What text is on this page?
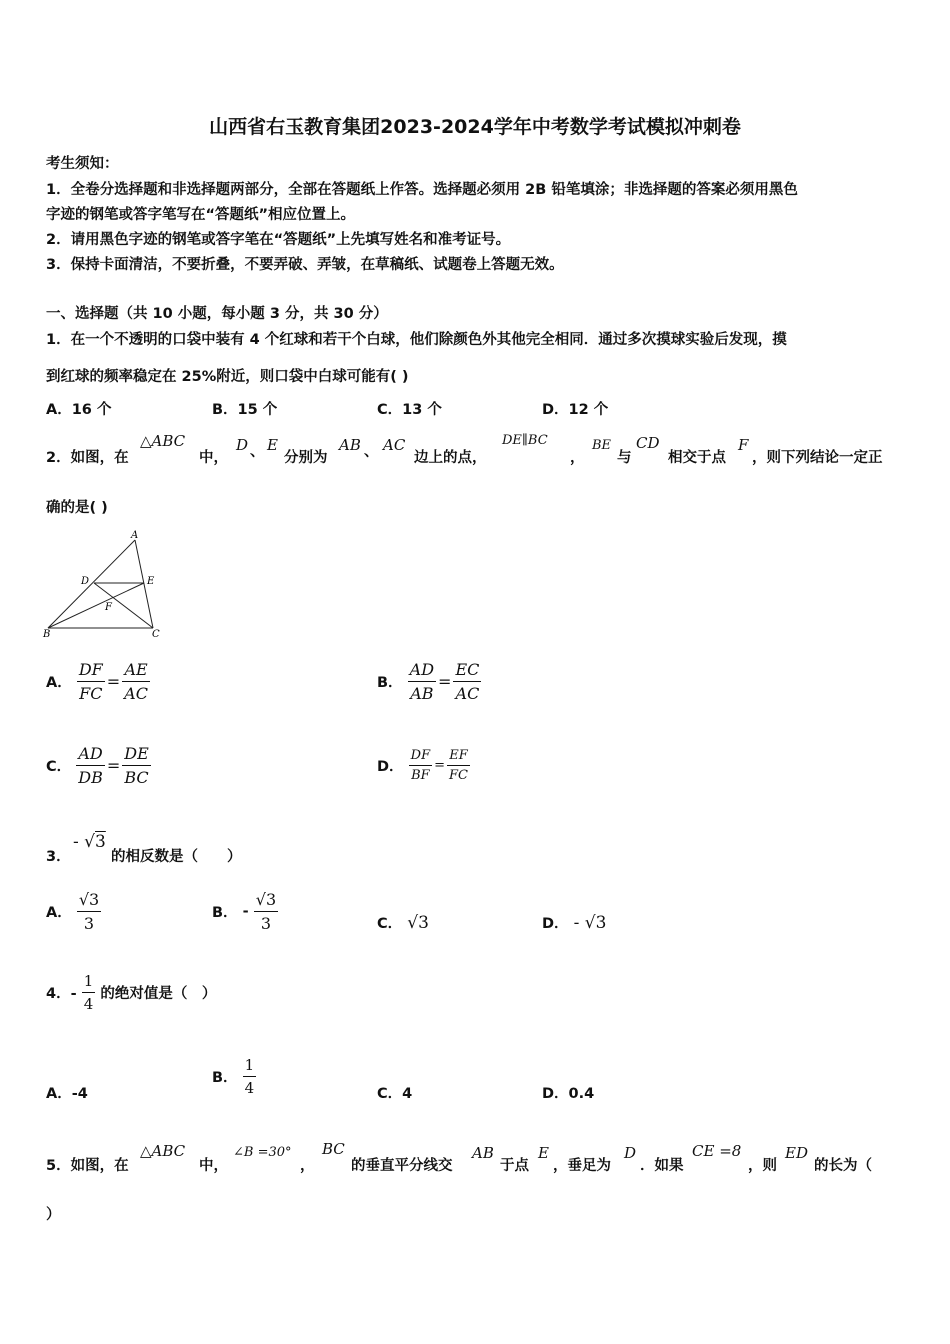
山西省右玉教育集团2023-2024学年中考数学考试模拟冲刺卷
考生须知：
1．全卷分选择题和非选择题两部分，全部在答题纸上作答。选择题必须用 2B 铅笔填涂；非选择题的答案必须用黑色
字迹的钢笔或答字笔写在“答题纸”相应位置上。
2．请用黑色字迹的钢笔或答字笔在“答题纸”上先填写姓名和准考证号。
3．保持卡面清洁，不要折叠，不要弄破、弄皱，在草稿纸、试题卷上答题无效。
一、选择题（共 10 小题，每小题 3 分，共 30 分）
1．在一个不透明的口袋中装有 4 个红球和若干个白球，他们除颜色外其他完全相同．通过多次摸球实验后发现，摸
到红球的频率稳定在 25%附近，则口袋中白球可能有( )
A．16 个	B．15 个	C．13 个	D．12 个
2．如图，在
△ABC
中，
D 、 E
分别为
AB 、 AC
边上的点，
DE∥BC
，
BE
与
CD
相交于点
F
，则下列结论一定正
确的是( )
A
B	C
D	E
F
A． $\frac{DF}{FC} = \frac{AE}{AC}$	B． $\frac{AD}{AB} = \frac{EC}{AC}$
C． $\frac{AD}{DB} = \frac{DE}{BC}$	D． $\frac{DF}{BF} = \frac{EF}{FC}$
3．
- √3
的相反数是（　　）
A． $\frac{√3}{3}$	B． - $\frac{√3}{3}$	C． √3	D． - √3
4．- $\frac{1}{4}$ 的绝对值是（　）
A．-4
B． $\frac{1}{4}$	C．4	D．0.4
5．如图，在
△ABC
中，
∠B =30°
，
BC
的垂直平分线交
AB
于点
E
，垂足为
D
．如果
CE =8
，则
ED
的长为（
）
